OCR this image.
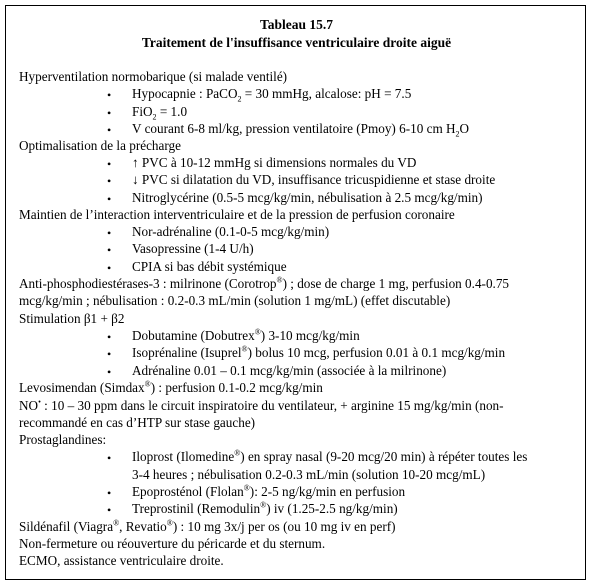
Tableau 15.7
Traitement de l'insuffisance ventriculaire droite aiguë
Hyperventilation normobarique (si malade ventilé)
• Hypocapnie : PaCO$_2$ = 30 mmHg, alcalose: pH = 7.5
• FiO$_2$ = 1.0
• V courant 6-8 ml/kg, pression ventilatoire (Pmoy) 6-10 cm $H_2O$
Optimalisation de la précharge
• ↑ PVC à 10-12 mmHg si dimensions normales du VD
• ↓ PVC si dilatation du VD, insuffisance tricuspidienne et stase droite
• Nitroglycérine (0.5-5 mcg/kg/min, nébulisation à 2.5 mcg/kg/min)
Maintien de l’interaction interventriculaire et de la pression de perfusion coronaire
• Nor-adrénaline (0.1-0-5 mcg/kg/min)
• Vasopressine (1-4 U/h)
• CPIA si bas débit systémique
Anti-phosphodiestérases-3 : milrinone (Corotrop®) ; dose de charge 1 mg, perfusion 0.4-0.75
mcg/kg/min ; nébulisation : 0.2-0.3 mL/min (solution 1 mg/mL) (effet discutable)
Stimulation β1 + β2
• Dobutamine (Dobutrex®) 3-10 mcg/kg/min
• Isoprénaline (Isuprel®) bolus 10 mcg, perfusion 0.01 à 0.1 mcg/kg/min
• Adrénaline 0.01 – 0.1 mcg/kg/min (associée à la milrinone)
Levosimendan (Simdax®) : perfusion 0.1-0.2 mcg/kg/min
NO• : 10 – 30 ppm dans le circuit inspiratoire du ventilateur, + arginine 15 mg/kg/min (non-
recommandé en cas d’HTP sur stase gauche)
Prostaglandines:
• Iloprost (Ilomedine®) en spray nasal (9-20 mcg/20 min) à répéter toutes les
3-4 heures ; nébulisation 0.2-0.3 mL/min (solution 10-20 mcg/mL)
• Epoprosténol (Flolan®): 2-5 ng/kg/min en perfusion
• Treprostinil (Remodulin®) iv (1.25-2.5 ng/kg/min)
Sildénafil (Viagra®, Revatio®) : 10 mg 3x/j per os (ou 10 mg iv en perf)
Non-fermeture ou réouverture du péricarde et du sternum.
ECMO, assistance ventriculaire droite.
